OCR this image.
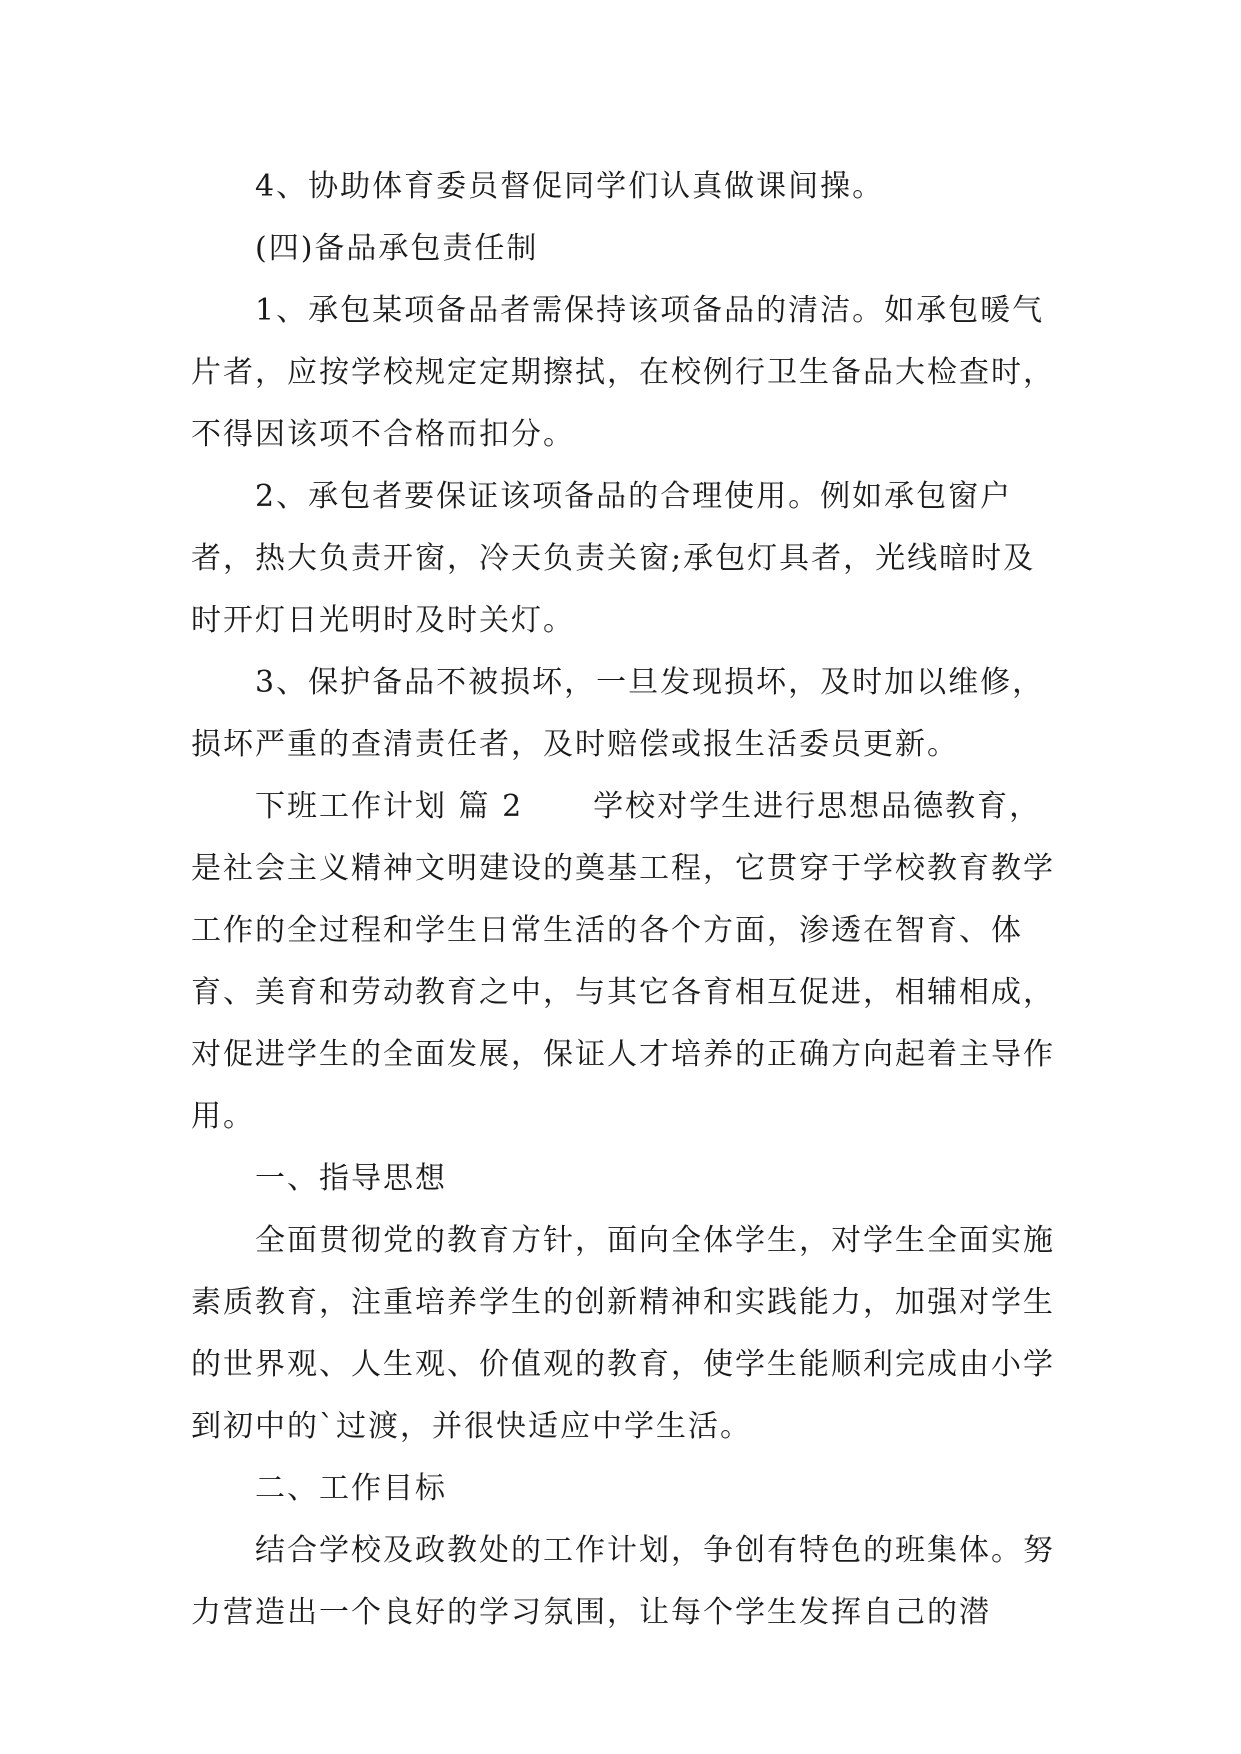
4、协助体育委员督促同学们认真做课间操。

(四)备品承包责任制

1、承包某项备品者需保持该项备品的清洁。如承包暖气片者，应按学校规定定期擦拭，在校例行卫生备品大检查时，不得因该项不合格而扣分。

2、承包者要保证该项备品的合理使用。例如承包窗户者，热大负责开窗，冷天负责关窗;承包灯具者，光线暗时及时开灯日光明时及时关灯。

3、保护备品不被损坏，一旦发现损坏，及时加以维修，损坏严重的查清责任者，及时赔偿或报生活委员更新。

下班工作计划 篇 2 学校对学生进行思想品德教育，是社会主义精神文明建设的奠基工程，它贯穿于学校教育教学工作的全过程和学生日常生活的各个方面，渗透在智育、体育、美育和劳动教育之中，与其它各育相互促进，相辅相成，对促进学生的全面发展，保证人才培养的正确方向起着主导作用。

一、指导思想

全面贯彻党的教育方针，面向全体学生，对学生全面实施素质教育，注重培养学生的创新精神和实践能力，加强对学生的世界观、人生观、价值观的教育，使学生能顺利完成由小学到初中的`过渡，并很快适应中学生活。

二、工作目标

结合学校及政教处的工作计划，争创有特色的班集体。努力营造出一个良好的学习氛围，让每个学生发挥自己的潜
